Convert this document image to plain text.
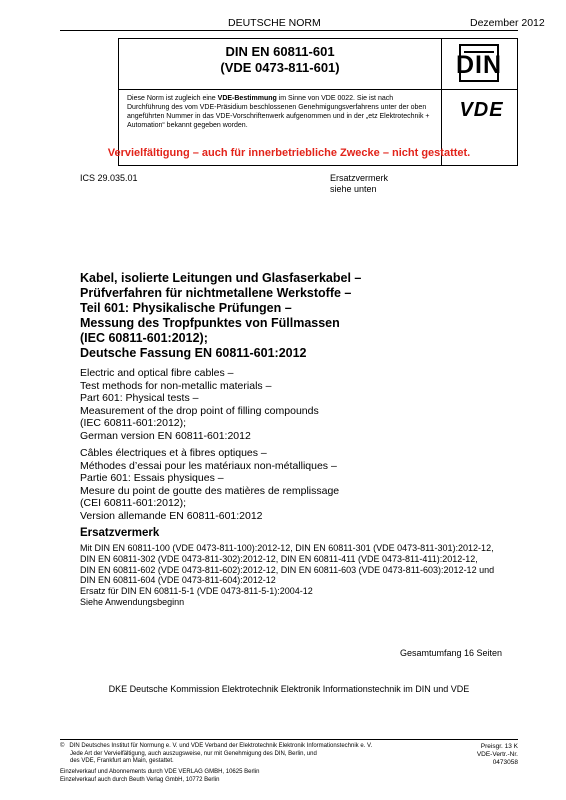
DEUTSCHE NORM	Dezember 2012
DIN EN 60811-601
(VDE 0473-811-601)
Diese Norm ist zugleich eine VDE-Bestimmung im Sinne von VDE 0022. Sie ist nach Durchführung des vom VDE-Präsidium beschlossenen Genehmigungsverfahrens unter der oben angeführten Nummer in das VDE-Vorschriftenwerk aufgenommen und in der „etz Elektrotechnik + Automation“ bekannt gegeben worden.
DIN
VDE
Vervielfältigung – auch für innerbetriebliche Zwecke – nicht gestattet.
ICS 29.035.01	Ersatzvermerk
siehe unten
Kabel, isolierte Leitungen und Glasfaserkabel –
Prüfverfahren für nichtmetallene Werkstoffe –
Teil 601: Physikalische Prüfungen –
Messung des Tropfpunktes von Füllmassen
(IEC 60811-601:2012);
Deutsche Fassung EN 60811-601:2012
Electric and optical fibre cables –
Test methods for non-metallic materials –
Part 601: Physical tests –
Measurement of the drop point of filling compounds
(IEC 60811-601:2012);
German version EN 60811-601:2012
Câbles électriques et à fibres optiques –
Méthodes d’essai pour les matériaux non-métalliques –
Partie 601: Essais physiques –
Mesure du point de goutte des matières de remplissage
(CEI 60811-601:2012);
Version allemande EN 60811-601:2012
Ersatzvermerk
Mit DIN EN 60811-100 (VDE 0473-811-100):2012-12, DIN EN 60811-301 (VDE 0473-811-301):2012-12,
DIN EN 60811-302 (VDE 0473-811-302):2012-12, DIN EN 60811-411 (VDE 0473-811-411):2012-12,
DIN EN 60811-602 (VDE 0473-811-602):2012-12, DIN EN 60811-603 (VDE 0473-811-603):2012-12 und
DIN EN 60811-604 (VDE 0473-811-604):2012-12
Ersatz für DIN EN 60811-5-1 (VDE 0473-811-5-1):2004-12
Siehe Anwendungsbeginn
Gesamtumfang 16 Seiten
DKE Deutsche Kommission Elektrotechnik Elektronik Informationstechnik im DIN und VDE
©   DIN Deutsches Institut für Normung e. V. und VDE Verband der Elektrotechnik Elektronik Informationstechnik e. V.
Jede Art der Vervielfältigung, auch auszugsweise, nur mit Genehmigung des DIN, Berlin, und
des VDE, Frankfurt am Main, gestattet.
Preisgr. 13 K
VDE-Vertr.-Nr. 0473058
Einzelverkauf und Abonnements durch VDE VERLAG GMBH, 10625 Berlin
Einzelverkauf auch durch Beuth Verlag GmbH, 10772 Berlin
